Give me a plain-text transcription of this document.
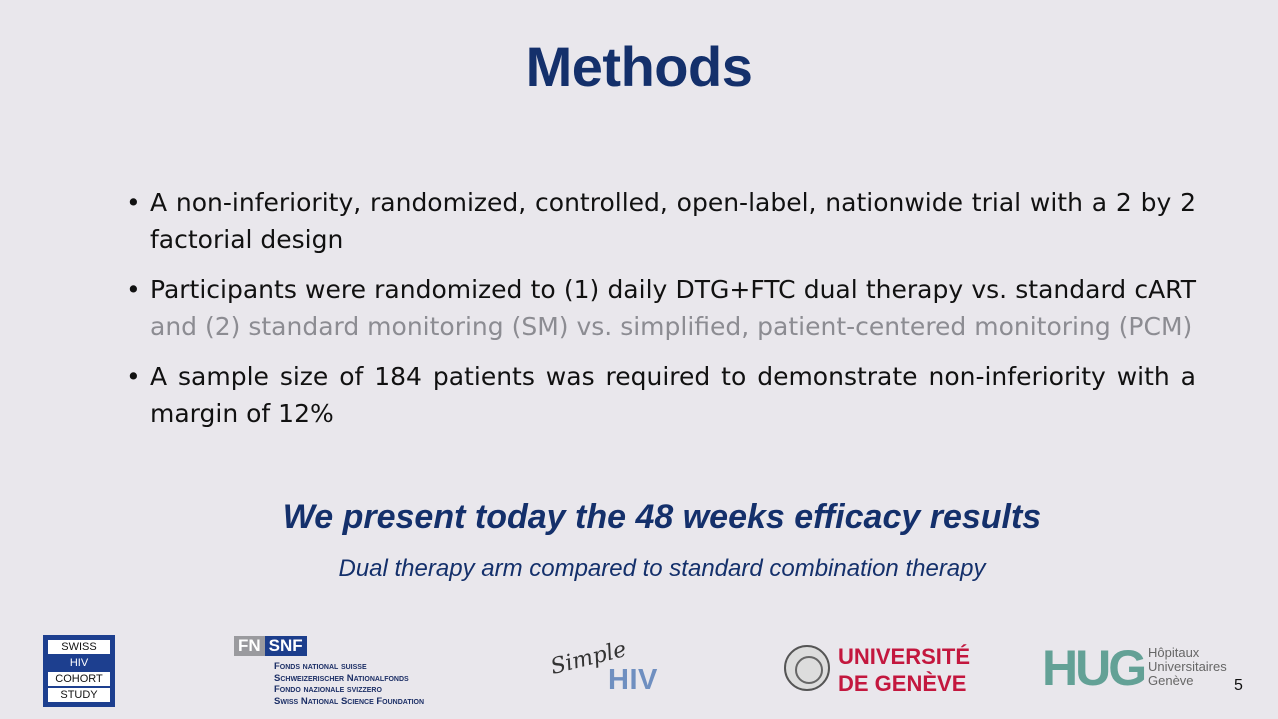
Methods
• A non-inferiority, randomized, controlled, open-label, nationwide trial with a 2 by 2 factorial design
• Participants were randomized to (1) daily DTG+FTC dual therapy vs. standard cART and (2) standard monitoring (SM) vs. simplified, patient-centered monitoring (PCM)
• A sample size of 184 patients was required to demonstrate non-inferiority with a margin of 12%
We present today the 48 weeks efficacy results
Dual therapy arm compared to standard combination therapy
SWISS
HIV
COHORT
STUDY
FN SNF
Fonds national suisse
Schweizerischer Nationalfonds
Fondo nazionale svizzero
Swiss National Science Foundation
Simple
HIV
UNIVERSITÉ
DE GENÈVE HUG Hôpitaux
Universitaires
Genève	5
